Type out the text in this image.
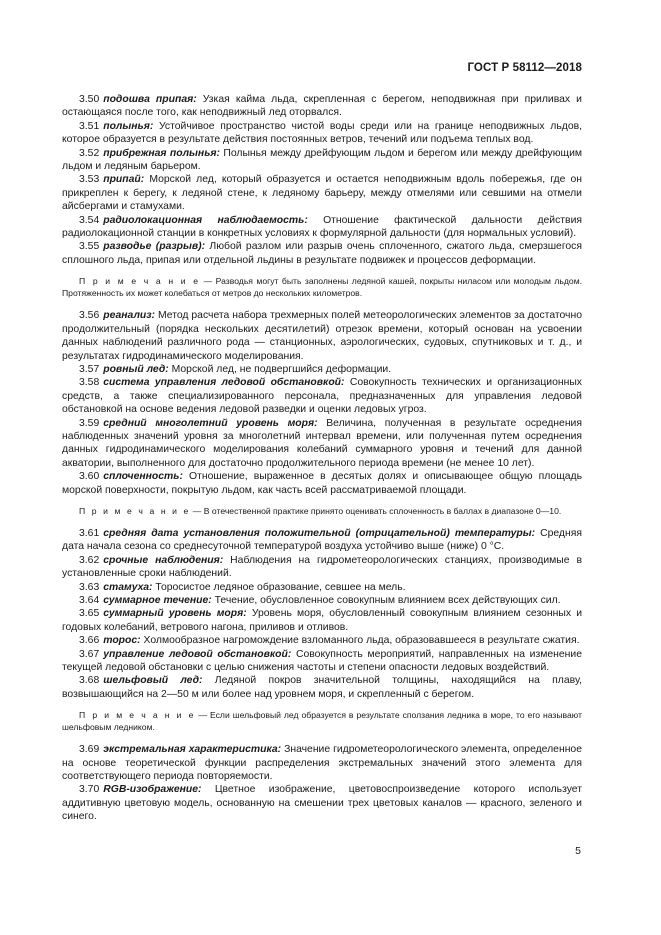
ГОСТ Р 58112—2018

3.50 подошва припая: Узкая кайма льда, скрепленная с берегом, неподвижная при приливах и остающаяся после того, как неподвижный лед оторвался.

3.51 полынья: Устойчивое пространство чистой воды среди или на границе неподвижных льдов, которое образуется в результате действия постоянных ветров, течений или подъема теплых вод.

3.52 прибрежная полынья: Полынья между дрейфующим льдом и берегом или между дрейфующим льдом и ледяным барьером.

3.53 припай: Морской лед, который образуется и остается неподвижным вдоль побережья, где он прикреплен к берегу, к ледяной стене, к ледяному барьеру, между отмелями или севшими на отмели айсбергами и стамухами.

3.54 радиолокационная наблюдаемость: Отношение фактической дальности действия радиолокационной станции в конкретных условиях к формулярной дальности (для нормальных условий).

3.55 разводье (разрыв): Любой разлом или разрыв очень сплоченного, сжатого льда, смерзшегося сплошного льда, припая или отдельной льдины в результате подвижек и процессов деформации.

П р и м е ч а н и е — Разводья могут быть заполнены ледяной кашей, покрыты ниласом или молодым льдом. Протяженность их может колебаться от метров до нескольких километров.

3.56 реанализ: Метод расчета набора трехмерных полей метеорологических элементов за достаточно продолжительный (порядка нескольких десятилетий) отрезок времени, который основан на усвоении данных наблюдений различного рода — станционных, аэрологических, судовых, спутниковых и т. д., и результатах гидродинамического моделирования.

3.57 ровный лед: Морской лед, не подвергшийся деформации.

3.58 система управления ледовой обстановкой: Совокупность технических и организационных средств, а также специализированного персонала, предназначенных для управления ледовой обстановкой на основе ведения ледовой разведки и оценки ледовых угроз.

3.59 средний многолетний уровень моря: Величина, полученная в результате осреднения наблюденных значений уровня за многолетний интервал времени, или полученная путем осреднения данных гидродинамического моделирования колебаний суммарного уровня и течений для данной акватории, выполненного для достаточно продолжительного периода времени (не менее 10 лет).

3.60 сплоченность: Отношение, выраженное в десятых долях и описывающее общую площадь морской поверхности, покрытую льдом, как часть всей рассматриваемой площади.

П р и м е ч а н и е — В отечественной практике принято оценивать сплоченность в баллах в диапазоне 0—10.

3.61 средняя дата установления положительной (отрицательной) температуры: Средняя дата начала сезона со среднесуточной температурой воздуха устойчиво выше (ниже) 0 °С.

3.62 срочные наблюдения: Наблюдения на гидрометеорологических станциях, производимые в установленные сроки наблюдений.

3.63 стамуха: Торосистое ледяное образование, севшее на мель.

3.64 суммарное течение: Течение, обусловленное совокупным влиянием всех действующих сил.

3.65 суммарный уровень моря: Уровень моря, обусловленный совокупным влиянием сезонных и годовых колебаний, ветрового нагона, приливов и отливов.

3.66 торос: Холмообразное нагромождение взломанного льда, образовавшееся в результате сжатия.

3.67 управление ледовой обстановкой: Совокупность мероприятий, направленных на изменение текущей ледовой обстановки с целью снижения частоты и степени опасности ледовых воздействий.

3.68 шельфовый лед: Ледяной покров значительной толщины, находящийся на плаву, возвышающийся на 2—50 м или более над уровнем моря, и скрепленный с берегом.

П р и м е ч а н и е — Если шельфовый лед образуется в результате сползания ледника в море, то его называют шельфовым ледником.

3.69 экстремальная характеристика: Значение гидрометеорологического элемента, определенное на основе теоретической функции распределения экстремальных значений этого элемента для соответствующего периода повторяемости.

3.70 RGB-изображение: Цветное изображение, цветовоспроизведение которого использует аддитивную цветовую модель, основанную на смешении трех цветовых каналов — красного, зеленого и синего.

5
